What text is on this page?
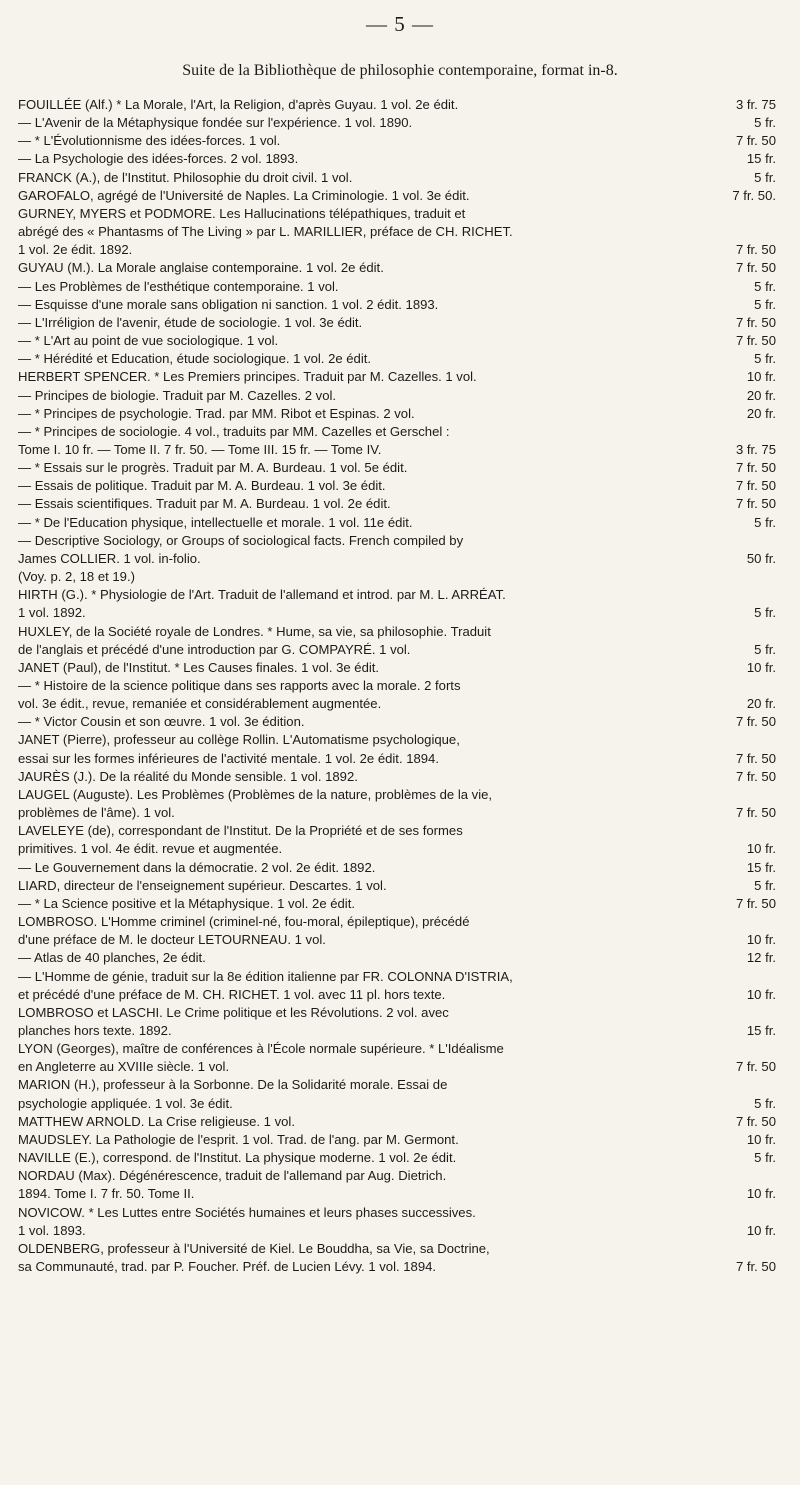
— 5 —
Suite de la Bibliothèque de philosophie contemporaine, format in-8.
FOUILLÉE (Alf.) * La Morale, l'Art, la Religion, d'après Guyau. 1 vol. 2e édit.	3 fr. 75
— L'Avenir de la Métaphysique fondée sur l'expérience. 1 vol. 1890.	5 fr.
— * L'Évolutionnisme des idées-forces. 1 vol.	7 fr. 50
— La Psychologie des idées-forces. 2 vol. 1893.	15 fr.
FRANCK (A.), de l'Institut. Philosophie du droit civil. 1 vol.	5 fr.
GAROFALO, agrégé de l'Université de Naples. La Criminologie. 1 vol. 3e édit.	7 fr. 50.
GURNEY, MYERS et PODMORE. Les Hallucinations télépathiques, traduit et
abrégé des « Phantasms of The Living » par L. MARILLIER, préface de CH. RICHET.
1 vol. 2e édit. 1892.	7 fr. 50
GUYAU (M.). La Morale anglaise contemporaine. 1 vol. 2e édit.	7 fr. 50
— Les Problèmes de l'esthétique contemporaine. 1 vol.	5 fr.
— Esquisse d'une morale sans obligation ni sanction. 1 vol. 2 édit. 1893.	5 fr.
— L'Irréligion de l'avenir, étude de sociologie. 1 vol. 3e édit.	7 fr. 50
— * L'Art au point de vue sociologique. 1 vol.	7 fr. 50
— * Hérédité et Education, étude sociologique. 1 vol. 2e édit.	5 fr.
HERBERT SPENCER. * Les Premiers principes. Traduit par M. Cazelles. 1 vol.	10 fr.
— Principes de biologie. Traduit par M. Cazelles. 2 vol.	20 fr.
— * Principes de psychologie. Trad. par MM. Ribot et Espinas. 2 vol.	20 fr.
— * Principes de sociologie. 4 vol., traduits par MM. Cazelles et Gerschel :
Tome I. 10 fr. — Tome II. 7 fr. 50. — Tome III. 15 fr. — Tome IV.	3 fr. 75
— * Essais sur le progrès. Traduit par M. A. Burdeau. 1 vol. 5e édit.	7 fr. 50
— Essais de politique. Traduit par M. A. Burdeau. 1 vol. 3e édit.	7 fr. 50
— Essais scientifiques. Traduit par M. A. Burdeau. 1 vol. 2e édit.	7 fr. 50
— * De l'Education physique, intellectuelle et morale. 1 vol. 11e édit.	5 fr.
— Descriptive Sociology, or Groups of sociological facts. French compiled by
James COLLIER. 1 vol. in-folio.	50 fr.
(Voy. p. 2, 18 et 19.)
HIRTH (G.). * Physiologie de l'Art. Traduit de l'allemand et introd. par M. L. ARRÉAT.
1 vol. 1892.	5 fr.
HUXLEY, de la Société royale de Londres. * Hume, sa vie, sa philosophie. Traduit
de l'anglais et précédé d'une introduction par G. COMPAYRÉ. 1 vol.	5 fr.
JANET (Paul), de l'Institut. * Les Causes finales. 1 vol. 3e édit.	10 fr.
— * Histoire de la science politique dans ses rapports avec la morale. 2 forts
vol. 3e édit., revue, remaniée et considérablement augmentée.	20 fr.
— * Victor Cousin et son œuvre. 1 vol. 3e édition.	7 fr. 50
JANET (Pierre), professeur au collège Rollin. L'Automatisme psychologique,
essai sur les formes inférieures de l'activité mentale. 1 vol. 2e édit. 1894.	7 fr. 50
JAURÈS (J.). De la réalité du Monde sensible. 1 vol. 1892.	7 fr. 50
LAUGEL (Auguste). Les Problèmes (Problèmes de la nature, problèmes de la vie,
problèmes de l'âme). 1 vol.	7 fr. 50
LAVELEYE (de), correspondant de l'Institut. De la Propriété et de ses formes
primitives. 1 vol. 4e édit. revue et augmentée.	10 fr.
— Le Gouvernement dans la démocratie. 2 vol. 2e édit. 1892.	15 fr.
LIARD, directeur de l'enseignement supérieur. Descartes. 1 vol.	5 fr.
— * La Science positive et la Métaphysique. 1 vol. 2e édit.	7 fr. 50
LOMBROSO. L'Homme criminel (criminel-né, fou-moral, épileptique), précédé
d'une préface de M. le docteur LETOURNEAU. 1 vol.	10 fr.
— Atlas de 40 planches, 2e édit.	12 fr.
— L'Homme de génie, traduit sur la 8e édition italienne par FR. COLONNA D'ISTRIA,
et précédé d'une préface de M. CH. RICHET. 1 vol. avec 11 pl. hors texte.	10 fr.
LOMBROSO et LASCHI. Le Crime politique et les Révolutions. 2 vol. avec
planches hors texte. 1892.	15 fr.
LYON (Georges), maître de conférences à l'École normale supérieure. * L'Idéalisme
en Angleterre au XVIIIe siècle. 1 vol.	7 fr. 50
MARION (H.), professeur à la Sorbonne. De la Solidarité morale. Essai de
psychologie appliquée. 1 vol. 3e édit.	5 fr.
MATTHEW ARNOLD. La Crise religieuse. 1 vol.	7 fr. 50
MAUDSLEY. La Pathologie de l'esprit. 1 vol. Trad. de l'ang. par M. Germont.	10 fr.
NAVILLE (E.), correspond. de l'Institut. La physique moderne. 1 vol. 2e édit.	5 fr.
NORDAU (Max). Dégénérescence, traduit de l'allemand par Aug. Dietrich.
1894. Tome I. 7 fr. 50. Tome II.	10 fr.
NOVICOW. * Les Luttes entre Sociétés humaines et leurs phases successives.
1 vol. 1893.	10 fr.
OLDENBERG, professeur à l'Université de Kiel. Le Bouddha, sa Vie, sa Doctrine,
sa Communauté, trad. par P. Foucher. Préf. de Lucien Lévy. 1 vol. 1894.	7 fr. 50
